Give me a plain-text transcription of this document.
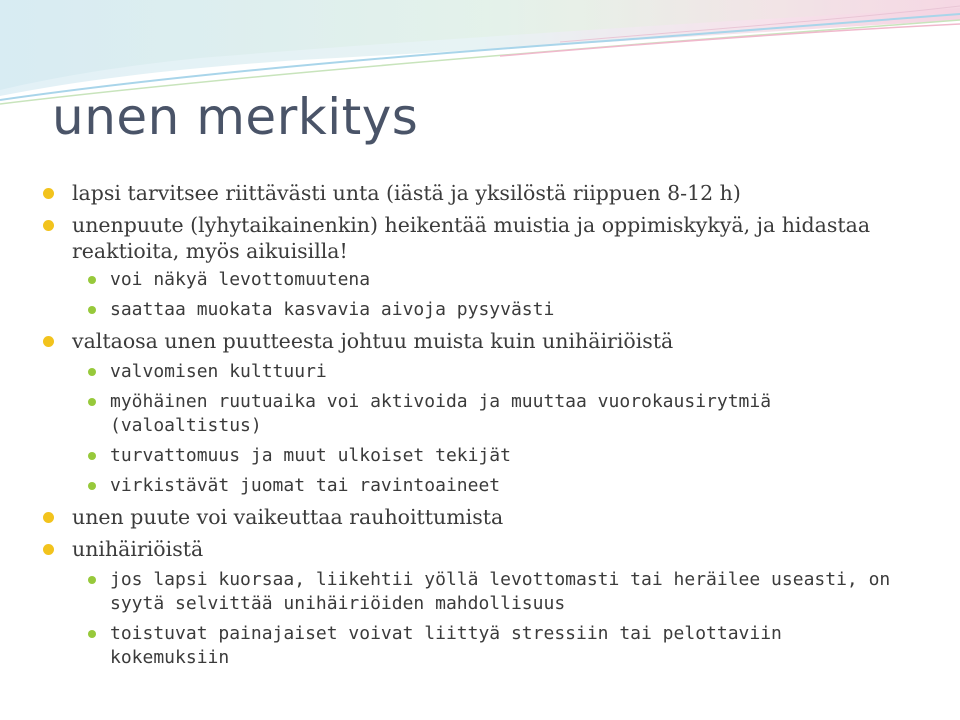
unen merkitys
lapsi tarvitsee riittävästi unta (iästä ja yksilöstä riippuen 8-12 h)
unenpuute (lyhytaikainenkin) heikentää muistia ja oppimiskykyä, ja hidastaa reaktioita, myös aikuisilla!
voi näkyä levottomuutena
saattaa muokata kasvavia aivoja pysyvästi
valtaosa unen puutteesta johtuu muista kuin unihäiriöistä
valvomisen kulttuuri
myöhäinen ruutuaika voi aktivoida ja muuttaa vuorokausirytmiä (valoaltistus)
turvattomuus ja muut ulkoiset tekijät
virkistävät juomat tai ravintoaineet
unen puute voi vaikeuttaa rauhoittumista
unihäiriöistä
jos lapsi kuorsaa, liikehtii yöllä levottomasti tai heräilee useasti, on syytä selvittää unihäiriöiden mahdollisuus
toistuvat painajaiset voivat liittyä stressiin tai pelottaviin kokemuksiin
